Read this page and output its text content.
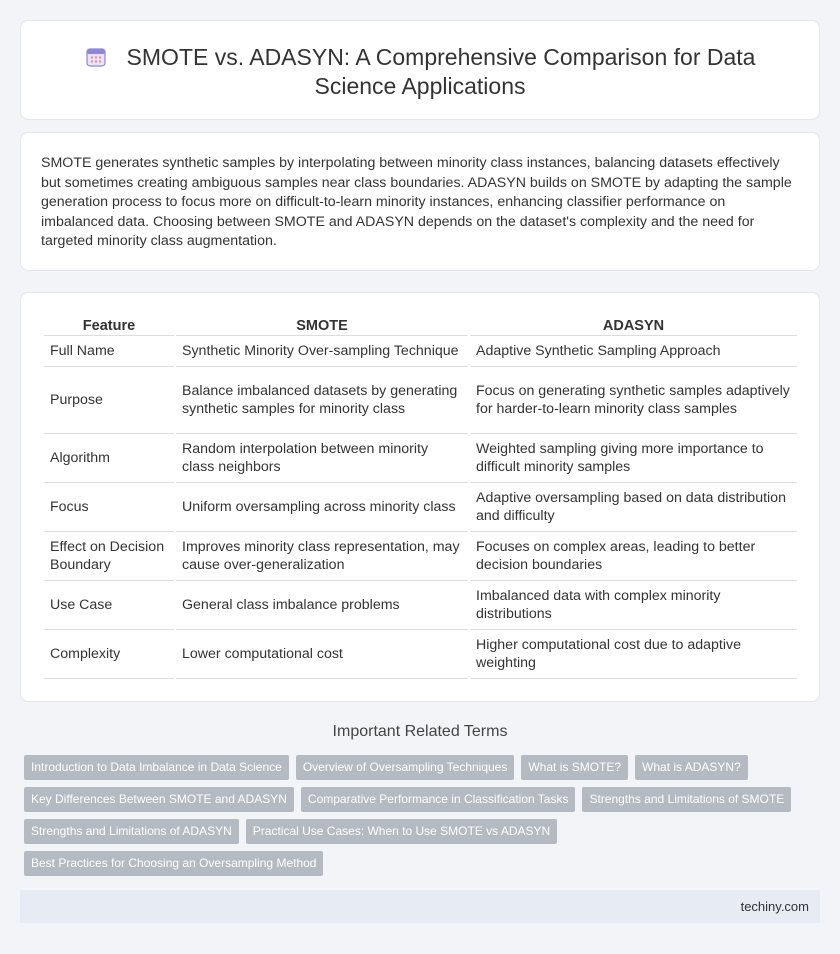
SMOTE vs. ADASYN: A Comprehensive Comparison for Data Science Applications

SMOTE generates synthetic samples by interpolating between minority class instances, balancing datasets effectively but sometimes creating ambiguous samples near class boundaries. ADASYN builds on SMOTE by adapting the sample generation process to focus more on difficult-to-learn minority instances, enhancing classifier performance on imbalanced data. Choosing between SMOTE and ADASYN depends on the dataset's complexity and the need for targeted minority class augmentation.

Feature	SMOTE	ADASYN
Full Name	Synthetic Minority Over-sampling Technique	Adaptive Synthetic Sampling Approach
Purpose	Balance imbalanced datasets by generating synthetic samples for minority class	Focus on generating synthetic samples adaptively for harder-to-learn minority class samples
Algorithm	Random interpolation between minority class neighbors	Weighted sampling giving more importance to difficult minority samples
Focus	Uniform oversampling across minority class	Adaptive oversampling based on data distribution and difficulty
Effect on Decision Boundary	Improves minority class representation, may cause over-generalization	Focuses on complex areas, leading to better decision boundaries
Use Case	General class imbalance problems	Imbalanced data with complex minority distributions
Complexity	Lower computational cost	Higher computational cost due to adaptive weighting
Important Related Terms
Introduction to Data Imbalance in Data Science	Overview of Oversampling Techniques	What is SMOTE?	What is ADASYN?
Key Differences Between SMOTE and ADASYN	Comparative Performance in Classification Tasks	Strengths and Limitations of SMOTE
Strengths and Limitations of ADASYN	Practical Use Cases: When to Use SMOTE vs ADASYN
Best Practices for Choosing an Oversampling Method
techiny.com
